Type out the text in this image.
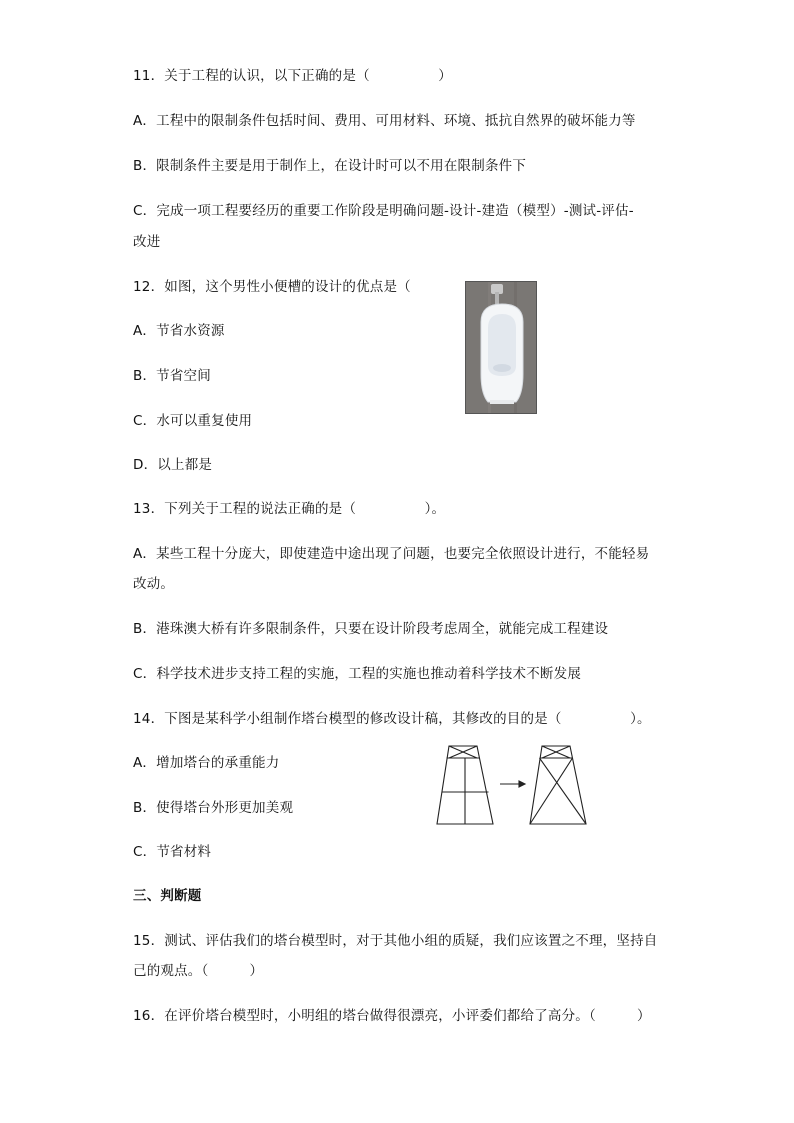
11．关于工程的认识，以下正确的是（　　　　　）
A．工程中的限制条件包括时间、费用、可用材料、环境、抵抗自然界的破坏能力等
B．限制条件主要是用于制作上，在设计时可以不用在限制条件下
C．完成一项工程要经历的重要工作阶段是明确问题-设计-建造（模型）-测试-评估-
改进
12．如图，这个男性小便槽的设计的优点是（
A．节省水资源
B．节省空间
C．水可以重复使用
D．以上都是
13．下列关于工程的说法正确的是（　　　　　）。
A．某些工程十分庞大，即使建造中途出现了问题，也要完全依照设计进行，不能轻易
改动。
B．港珠澳大桥有许多限制条件，只要在设计阶段考虑周全，就能完成工程建设
C．科学技术进步支持工程的实施，工程的实施也推动着科学技术不断发展
14．下图是某科学小组制作塔台模型的修改设计稿，其修改的目的是（　　　　　）。
A．增加塔台的承重能力
B．使得塔台外形更加美观
C．节省材料
三、判断题
15．测试、评估我们的塔台模型时，对于其他小组的质疑，我们应该置之不理，坚持自
己的观点。（　　　）
16．在评价塔台模型时，小明组的塔台做得很漂亮，小评委们都给了高分。（　　　）
